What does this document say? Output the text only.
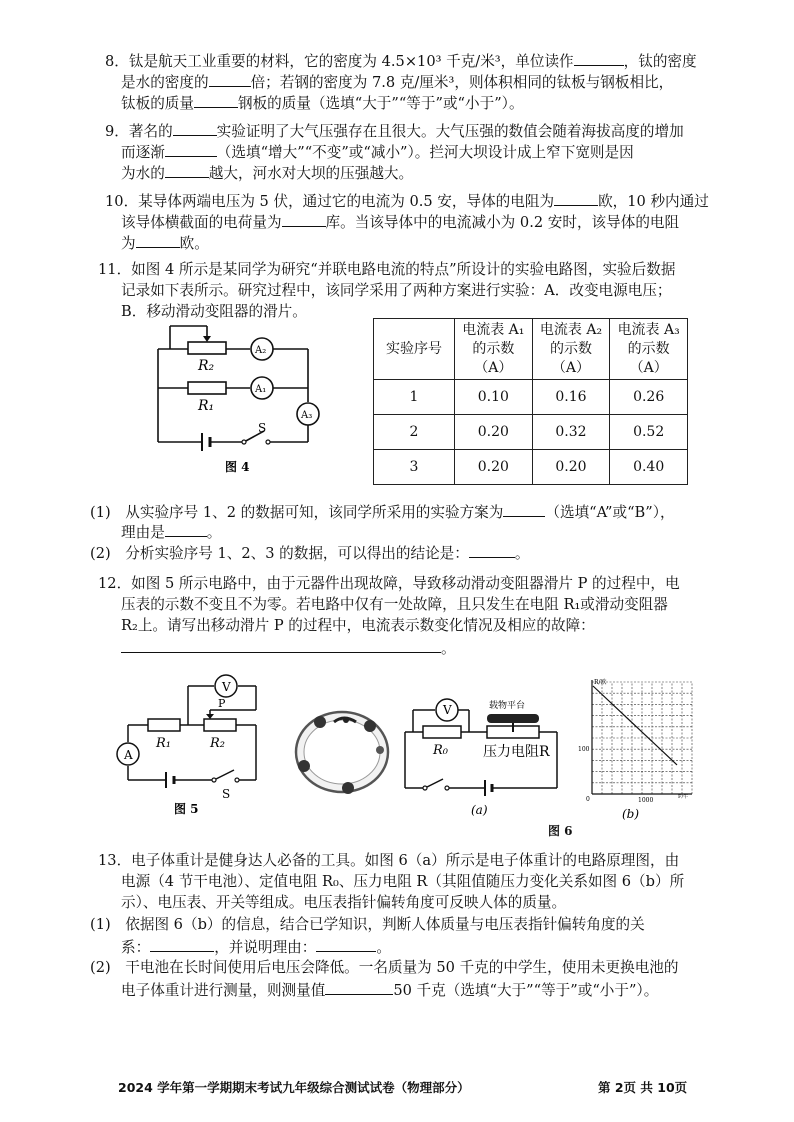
8．钛是航天工业重要的材料，它的密度为 4.5×10³ 千克/米³，单位读作	，钛的密度
是水的密度的	倍；若钢的密度为 7.8 克/厘米³，则体积相同的钛板与钢板相比，
钛板的质量	钢板的质量（选填“大于”“等于”或“小于”）。
9．著名的	实验证明了大气压强存在且很大。大气压强的数值会随着海拔高度的增加
而逐渐	（选填“增大”“不变”或“减小”）。拦河大坝设计成上窄下宽则是因
为水的	越大，河水对大坝的压强越大。
10．某导体两端电压为 5 伏，通过它的电流为 0.5 安，导体的电阻为	欧，10 秒内通过
该导体横截面的电荷量为	库。当该导体中的电流减小为 0.2 安时，该导体的电阻
为	欧。
11．如图 4 所示是某同学为研究“并联电路电流的特点”所设计的实验电路图，实验后数据
记录如下表所示。研究过程中，该同学采用了两种方案进行实验：A．改变电源电压；
B．移动滑动变阻器的滑片。
R₂
R₁
A₂
A₁
A₃
S
图 4
实验序号	电流表 A₁
的示数
（A）	电流表 A₂
的示数
（A）	电流表 A₃
的示数
（A）
1	0.10	0.16	0.26
2	0.20	0.32	0.52
3	0.20	0.20	0.40
(1)　从实验序号 1、2 的数据可知，该同学所采用的实验方案为	（选填“A”或“B”），
理由是	。
(2)　分析实验序号 1、2、3 的数据，可以得出的结论是：	。
12．如图 5 所示电路中，由于元器件出现故障，导致移动滑动变阻器滑片 P 的过程中，电
压表的示数不变且不为零。若电路中仅有一处故障，且只发生在电阻 R₁或滑动变阻器
R₂上。请写出移动滑片 P 的过程中，电流表示数变化情况及相应的故障：
。
V
A
R₁	R₂
P
S
图 5
V	载物平台
R₀	压力电阻R
(a)
R/欧
F/牛
100
1000
0
(b)
图 6
13．电子体重计是健身达人必备的工具。如图 6（a）所示是电子体重计的电路原理图，由
电源（4 节干电池）、定值电阻 R₀、压力电阻 R（其阻值随压力变化关系如图 6（b）所
示）、电压表、开关等组成。电压表指针偏转角度可反映人体的质量。
(1)　依据图 6（b）的信息，结合已学知识，判断人体质量与电压表指针偏转角度的关
系：	，并说明理由：	。
(2)　干电池在长时间使用后电压会降低。一名质量为 50 千克的中学生，使用未更换电池的
电子体重计进行测量，则测量值	50 千克（选填“大于”“等于”或“小于”）。
2024 学年第一学期期末考试九年级综合测试试卷（物理部分）	第 2页 共 10页
